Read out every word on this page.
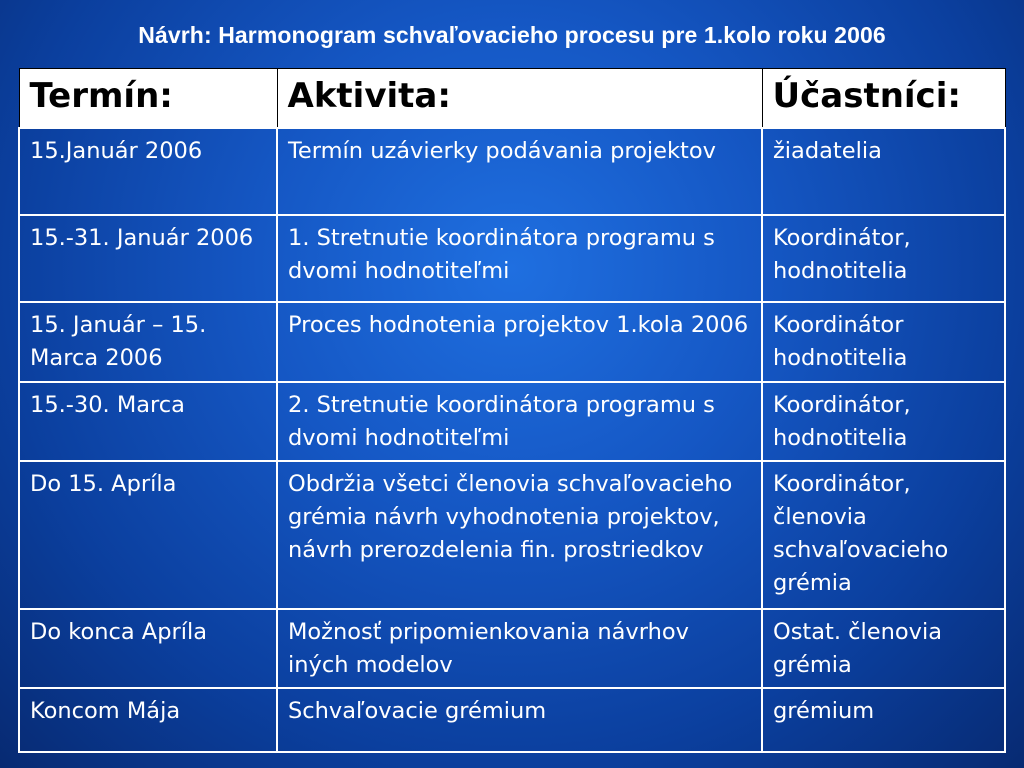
Návrh: Harmonogram schvaľovacieho procesu pre 1.kolo roku 2006
Termín:	Aktivita:	Účastníci:
15.Január 2006	Termín uzávierky podávania projektov	žiadatelia
15.-31. Január 2006	1. Stretnutie koordinátora programu s dvomi hodnotiteľmi	Koordinátor, hodnotitelia
15. Január – 15. Marca 2006	Proces hodnotenia projektov 1.kola 2006	Koordinátor hodnotitelia
15.-30. Marca	2. Stretnutie koordinátora programu s dvomi hodnotiteľmi	Koordinátor, hodnotitelia
Do 15. Apríla	Obdržia všetci členovia schvaľovacieho grémia návrh vyhodnotenia projektov, návrh prerozdelenia fin. prostriedkov	Koordinátor, členovia schvaľovacieho grémia
Do konca Apríla	Možnosť pripomienkovania návrhov iných modelov	Ostat. členovia grémia
Koncom Mája	Schvaľovacie grémium	grémium
